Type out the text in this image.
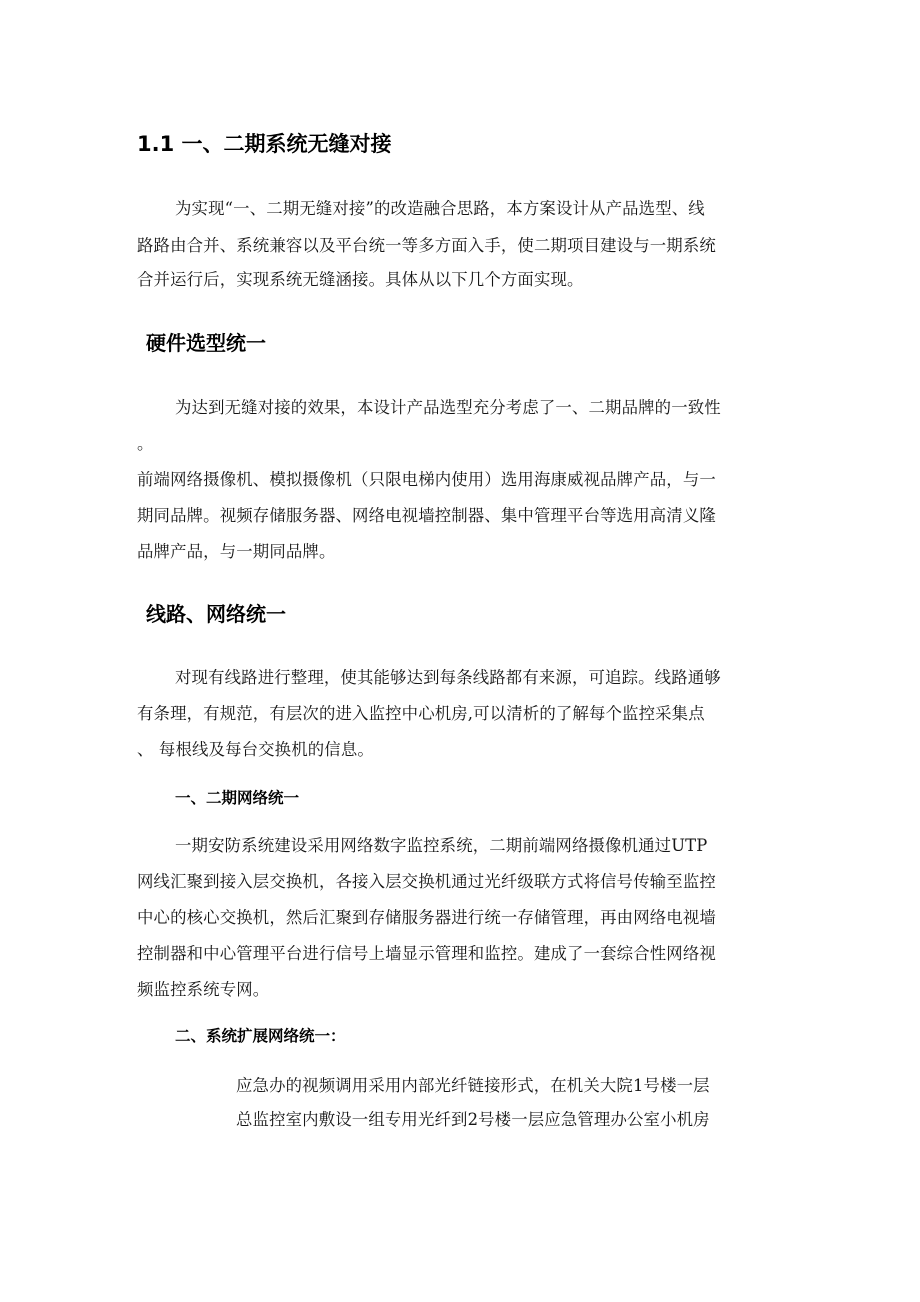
1.1 一、二期系统无缝对接

为实现“一、二期无缝对接”的改造融合思路，本方案设计从产品选型、线

路路由合并、系统兼容以及平台统一等多方面入手，使二期项目建设与一期系统

合并运行后，实现系统无缝涵接。具体从以下几个方面实现。

硬件选型统一

为达到无缝对接的效果，本设计产品选型充分考虑了一、二期品牌的一致性

。

前端网络摄像机、模拟摄像机（只限电梯内使用）选用海康威视品牌产品，与一

期同品牌。视频存储服务器、网络电视墙控制器、集中管理平台等选用高清义隆

品牌产品，与一期同品牌。

线路、网络统一

对现有线路进行整理，使其能够达到每条线路都有来源，可追踪。线路通够

有条理，有规范，有层次的进入监控中心机房,可以清析的了解每个监控采集点

、 每根线及每台交换机的信息。

一、二期网络统一

一期安防系统建设采用网络数字监控系统，二期前端网络摄像机通过UTP

网线汇聚到接入层交换机，各接入层交换机通过光纤级联方式将信号传输至监控

中心的核心交换机，然后汇聚到存储服务器进行统一存储管理，再由网络电视墙

控制器和中心管理平台进行信号上墙显示管理和监控。建成了一套综合性网络视

频监控系统专网。

二、系统扩展网络统一：

应急办的视频调用采用内部光纤链接形式，在机关大院1号楼一层

总监控室内敷设一组专用光纤到2号楼一层应急管理办公室小机房
